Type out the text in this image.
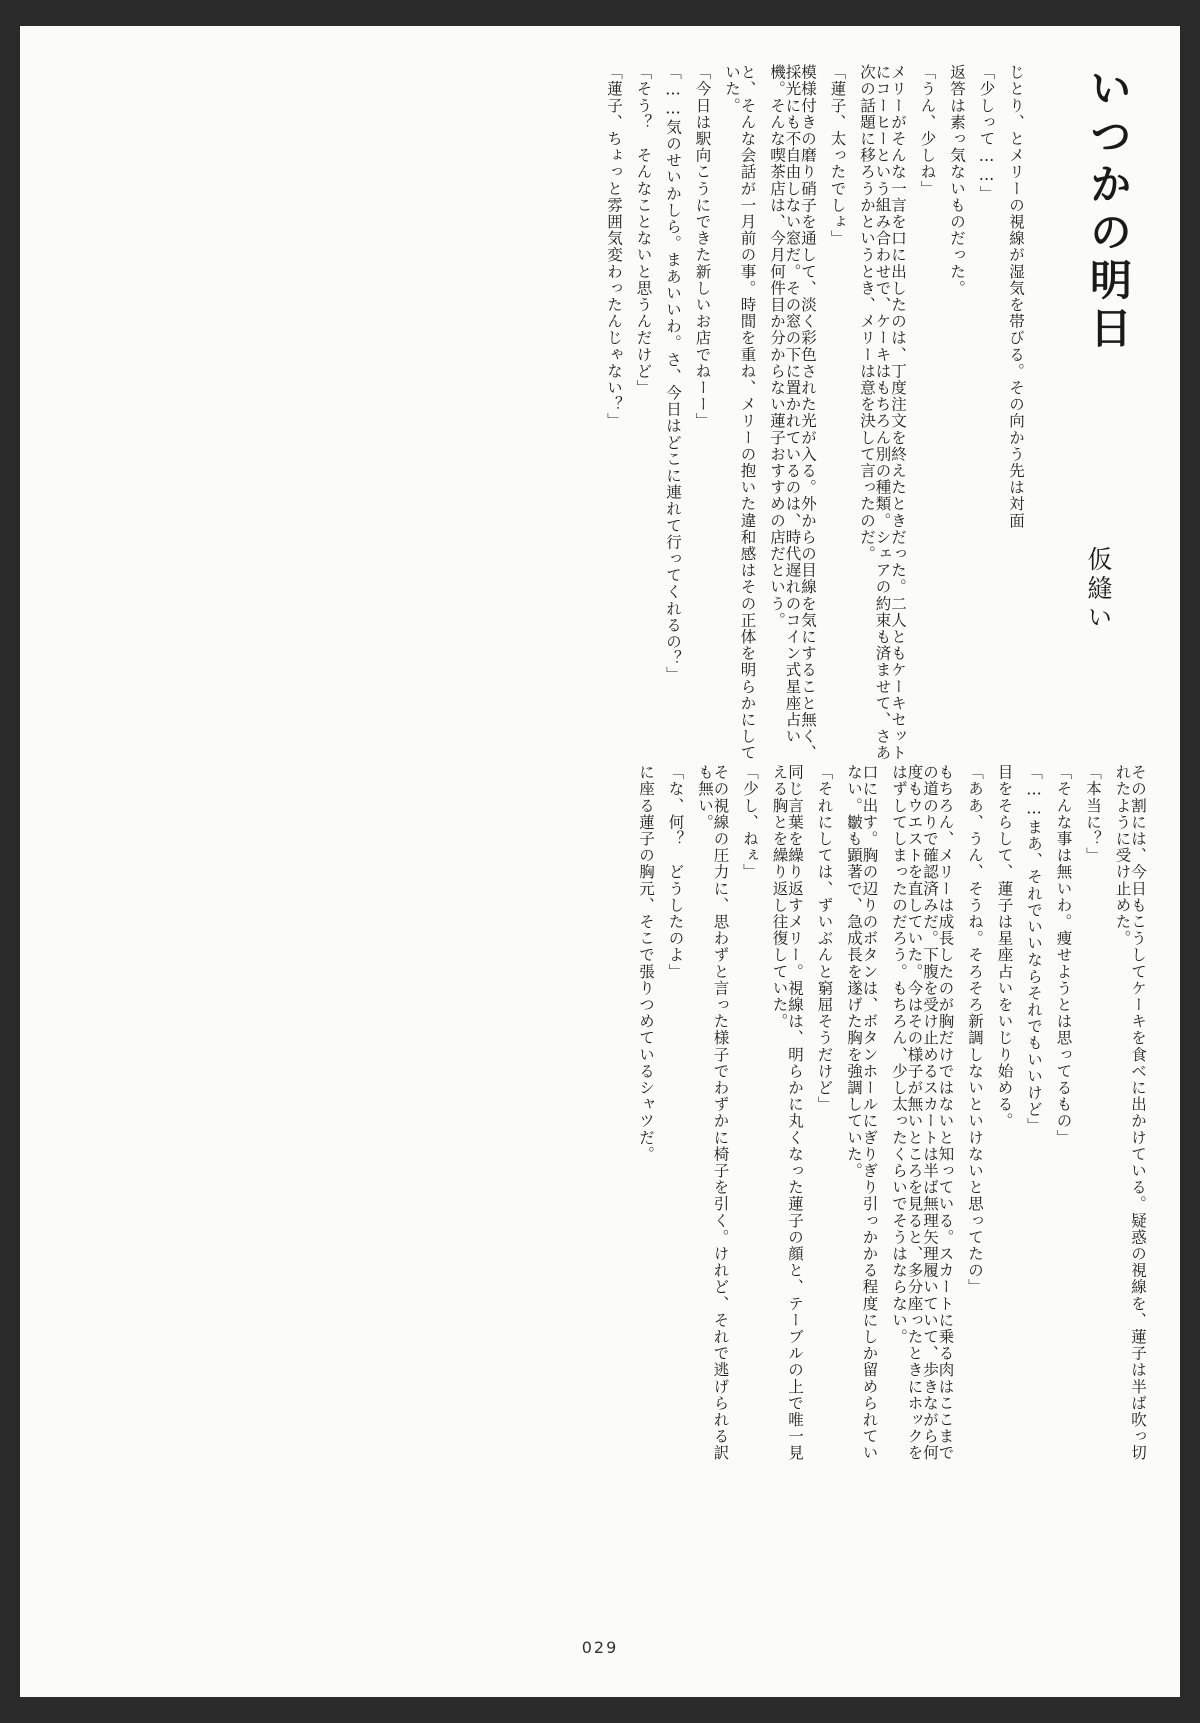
いつかの明日
仮縫い
「蓮子、ちょっと雰囲気変わったんじゃない？」 「そう？　そんなことないと思うんだけど」 「……気のせいかしら。まあいいわ。さ、今日はどこに連れて行ってくれるの？」 「今日は駅向こうにできた新しいお店でねーー」	と、そんな会話が一月前の事。時間を重ね、メリーの抱いた違和感はその正体を明らかにしていた。	模様付きの磨り硝子を通して、淡く彩色された光が入る。外からの目線を気にすること無く、採光にも不自由しない窓だ。その窓の下に置かれているのは、時代遅れのコイン式星座占い機。そんな喫茶店は、今月何件目か分からない蓮子おすすめの店だという。	「蓮子、太ったでしょ」	メリーがそんな一言を口に出したのは、丁度注文を終えたときだった。二人ともケーキセットにコーヒーという組み合わせで、ケーキはもちろん別の種類。シェアの約束も済ませて、さあ次の話題に移ろうかというとき、メリーは意を決して言ったのだ。	「うん、少しね」 返答は素っ気ないものだった。 「少しって……」 じとり、とメリーの視線が湿気を帯びる。その向かう先は対面
に座る蓮子の胸元、そこで張りつめているシャツだ。 「な、何？　どうしたのよ」	その視線の圧力に、思わずと言った様子でわずかに椅子を引く。けれど、それで逃げられる訳も無い。	「少し、ねぇ」	同じ言葉を繰り返すメリー。視線は、明らかに丸くなった蓮子の顔と、テーブルの上で唯一見える胸とを繰り返し往復していた。	「それにしては、ずいぶんと窮屈そうだけど」	口に出す。胸の辺りのボタンは、ボタンホールにぎりぎり引っかかる程度にしか留められていない。皺も顕著で、急成長を遂げた胸を強調していた。	もちろん、メリーは成長したのが胸だけではないと知っている。スカートに乗る肉はここまでの道のりで確認済みだ。下腹を受け止めるスカートは半ば無理矢理履いていて、歩きながら何度もウエストを直していた。今はその様子が無いところを見ると、多分座ったときにホックをはずしてしまったのだろう。もちろん、少し太ったくらいでそうはならない。	「ああ、うん、そうね。そろそろ新調しないといけないと思ってたの」 目をそらして、蓮子は星座占いをいじり始める。 「……まあ、それでいいならそれでもいいけど」 「そんな事は無いわ。痩せようとは思ってるもの」 「本当に？」	その割には、今日もこうしてケーキを食べに出かけている。疑惑の視線を、蓮子は半ば吹っ切れたように受け止めた。
029
